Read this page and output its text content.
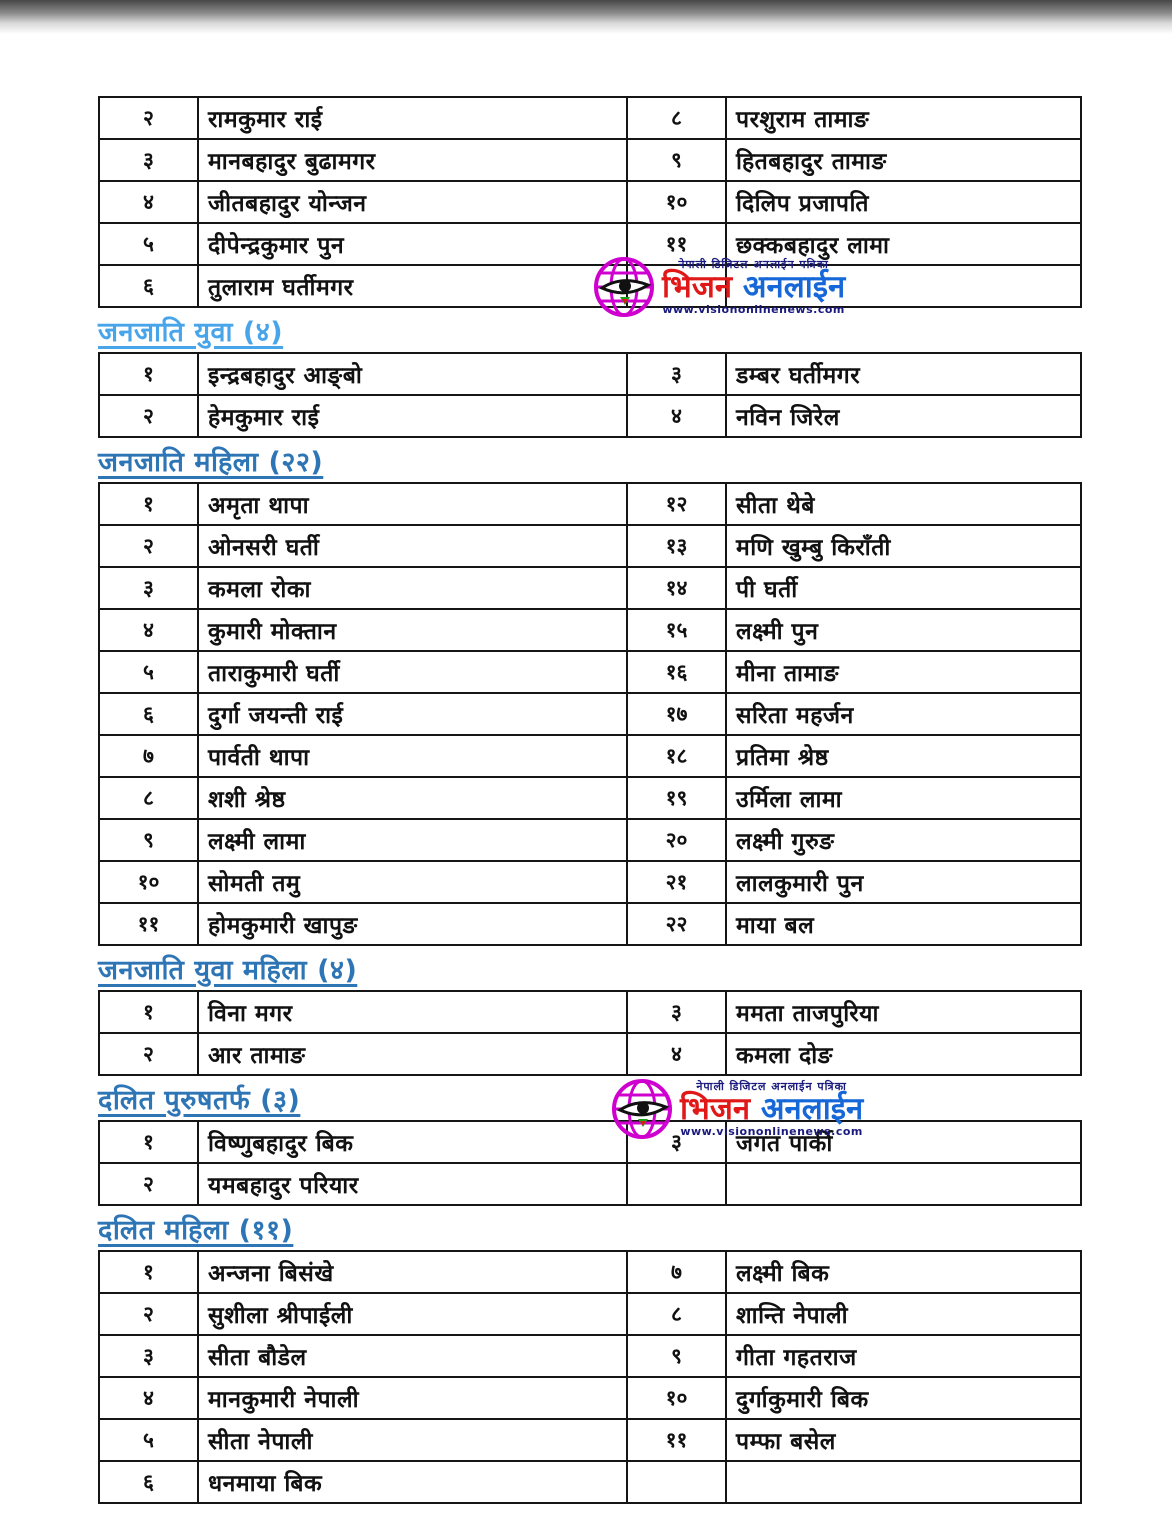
२	रामकुमार राई	८	परशुराम तामाङ
३	मानबहादुर बुढामगर	९	हितबहादुर तामाङ
४	जीतबहादुर योन्जन	१०	दिलिप प्रजापति
५	दीपेन्द्रकुमार पुन	११	छक्कबहादुर लामा
६	तुलाराम घर्तीमगर		
जनजाति युवा (४)
१	इन्द्रबहादुर आङ्बो	३	डम्बर घर्तीमगर
२	हेमकुमार राई	४	नविन जिरेल
जनजाति महिला (२२)
१	अमृता थापा	१२	सीता थेबे
२	ओनसरी घर्ती	१३	मणि खुम्बु किराँती
३	कमला रोका	१४	पी घर्ती
४	कुमारी मोक्तान	१५	लक्ष्मी पुन
५	ताराकुमारी घर्ती	१६	मीना तामाङ
६	दुर्गा जयन्ती राई	१७	सरिता महर्जन
७	पार्वती थापा	१८	प्रतिमा श्रेष्ठ
८	शशी श्रेष्ठ	१९	उर्मिला लामा
९	लक्ष्मी लामा	२०	लक्ष्मी गुरुङ
१०	सोमती तमु	२१	लालकुमारी पुन
११	होमकुमारी खापुङ	२२	माया बल
जनजाति युवा महिला (४)
१	विना मगर	३	ममता ताजपुरिया
२	आर तामाङ	४	कमला दोङ
दलित पुरुषतर्फ (३)
१	विष्णुबहादुर बिक	३	जगत पार्की
२	यमबहादुर परियार		
दलित महिला (११)
१	अन्जना बिसंखे	७	लक्ष्मी बिक
२	सुशीला श्रीपाईली	८	शान्ति नेपाली
३	सीता बौडेल	९	गीता गहतराज
४	मानकुमारी नेपाली	१०	दुर्गाकुमारी बिक
५	सीता नेपाली	११	पम्फा बसेल
६	धनमाया बिक		
नेपाली डिजिटल अनलाईन पत्रिका
भिजन अनलाईन
www.visiononlinenews.com
नेपाली डिजिटल अनलाईन पत्रिका
भिजन अनलाईन
www.visiononlinenews.com
